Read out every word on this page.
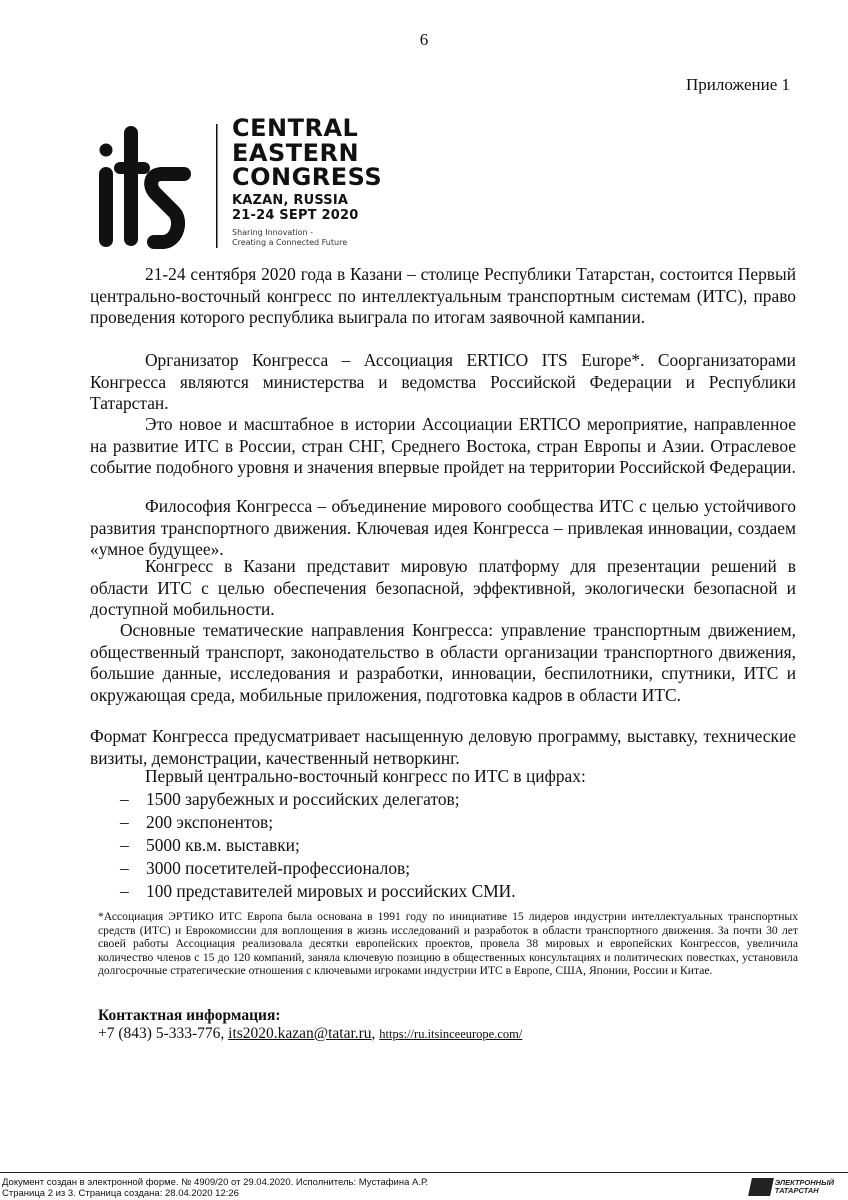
6
Приложение 1
CENTRAL
EASTERN
CONGRESS
KAZAN, RUSSIA
21-24 SEPT 2020
Sharing Innovation -
Creating a Connected Future
21-24 сентября 2020 года в Казани – столице Республики Татарстан, состоится Первый центрально-восточный конгресс по интеллектуальным транспортным системам (ИТС), право проведения которого республика выиграла по итогам заявочной кампании.
Организатор Конгресса – Ассоциация ERTICO ITS Europe*. Соорганизаторами Конгресса являются министерства и ведомства Российской Федерации и Республики Татарстан.
Это новое и масштабное в истории Ассоциации ERTICO мероприятие, направленное на развитие ИТС в России, стран СНГ, Среднего Востока, стран Европы и Азии. Отраслевое событие подобного уровня и значения впервые пройдет на территории Российской Федерации.
Философия Конгресса – объединение мирового сообщества ИТС с целью устойчивого развития транспортного движения. Ключевая идея Конгресса – привлекая инновации, создаем «умное будущее».
Конгресс в Казани представит мировую платформу для презентации решений в области ИТС с целью обеспечения безопасной, эффективной, экологически безопасной и доступной мобильности.
Основные тематические направления Конгресса: управление транспортным движением, общественный транспорт, законодательство в области организации транспортного движения, большие данные, исследования и разработки, инновации, беспилотники, спутники, ИТС и окружающая среда, мобильные приложения, подготовка кадров в области ИТС.
Формат Конгресса предусматривает насыщенную деловую программу, выставку, технические визиты, демонстрации, качественный нетворкинг.
Первый центрально-восточный конгресс по ИТС в цифрах:
– 1500 зарубежных и российских делегатов;
– 200 экспонентов;
– 5000 кв.м. выставки;
– 3000 посетителей-профессионалов;
– 100 представителей мировых и российских СМИ.
*Ассоциация ЭРТИКО ИТС Европа была основана в 1991 году по инициативе 15 лидеров индустрии интеллектуальных транспортных средств (ИТС) и Еврокомиссии для воплощения в жизнь исследований и разработок в области транспортного движения. За почти 30 лет своей работы Ассоциация реализовала десятки европейских проектов, провела 38 мировых и европейских Конгрессов, увеличила количество членов с 15 до 120 компаний, заняла ключевую позицию в общественных консультациях и политических повестках, установила долгосрочные стратегические отношения с ключевыми игроками индустрии ИТС в Европе, США, Японии, России и Китае.
Контактная информация:
+7 (843) 5-333-776, its2020.kazan@tatar.ru, https://ru.itsinceeurope.com/
Документ создан в электронной форме. № 4909/20 от 29.04.2020. Исполнитель: Мустафина А.Р.
Страница 2 из 3. Страница создана: 28.04.2020 12:26
ЭЛЕКТРОННЫЙ
ТАТАРСТАН
